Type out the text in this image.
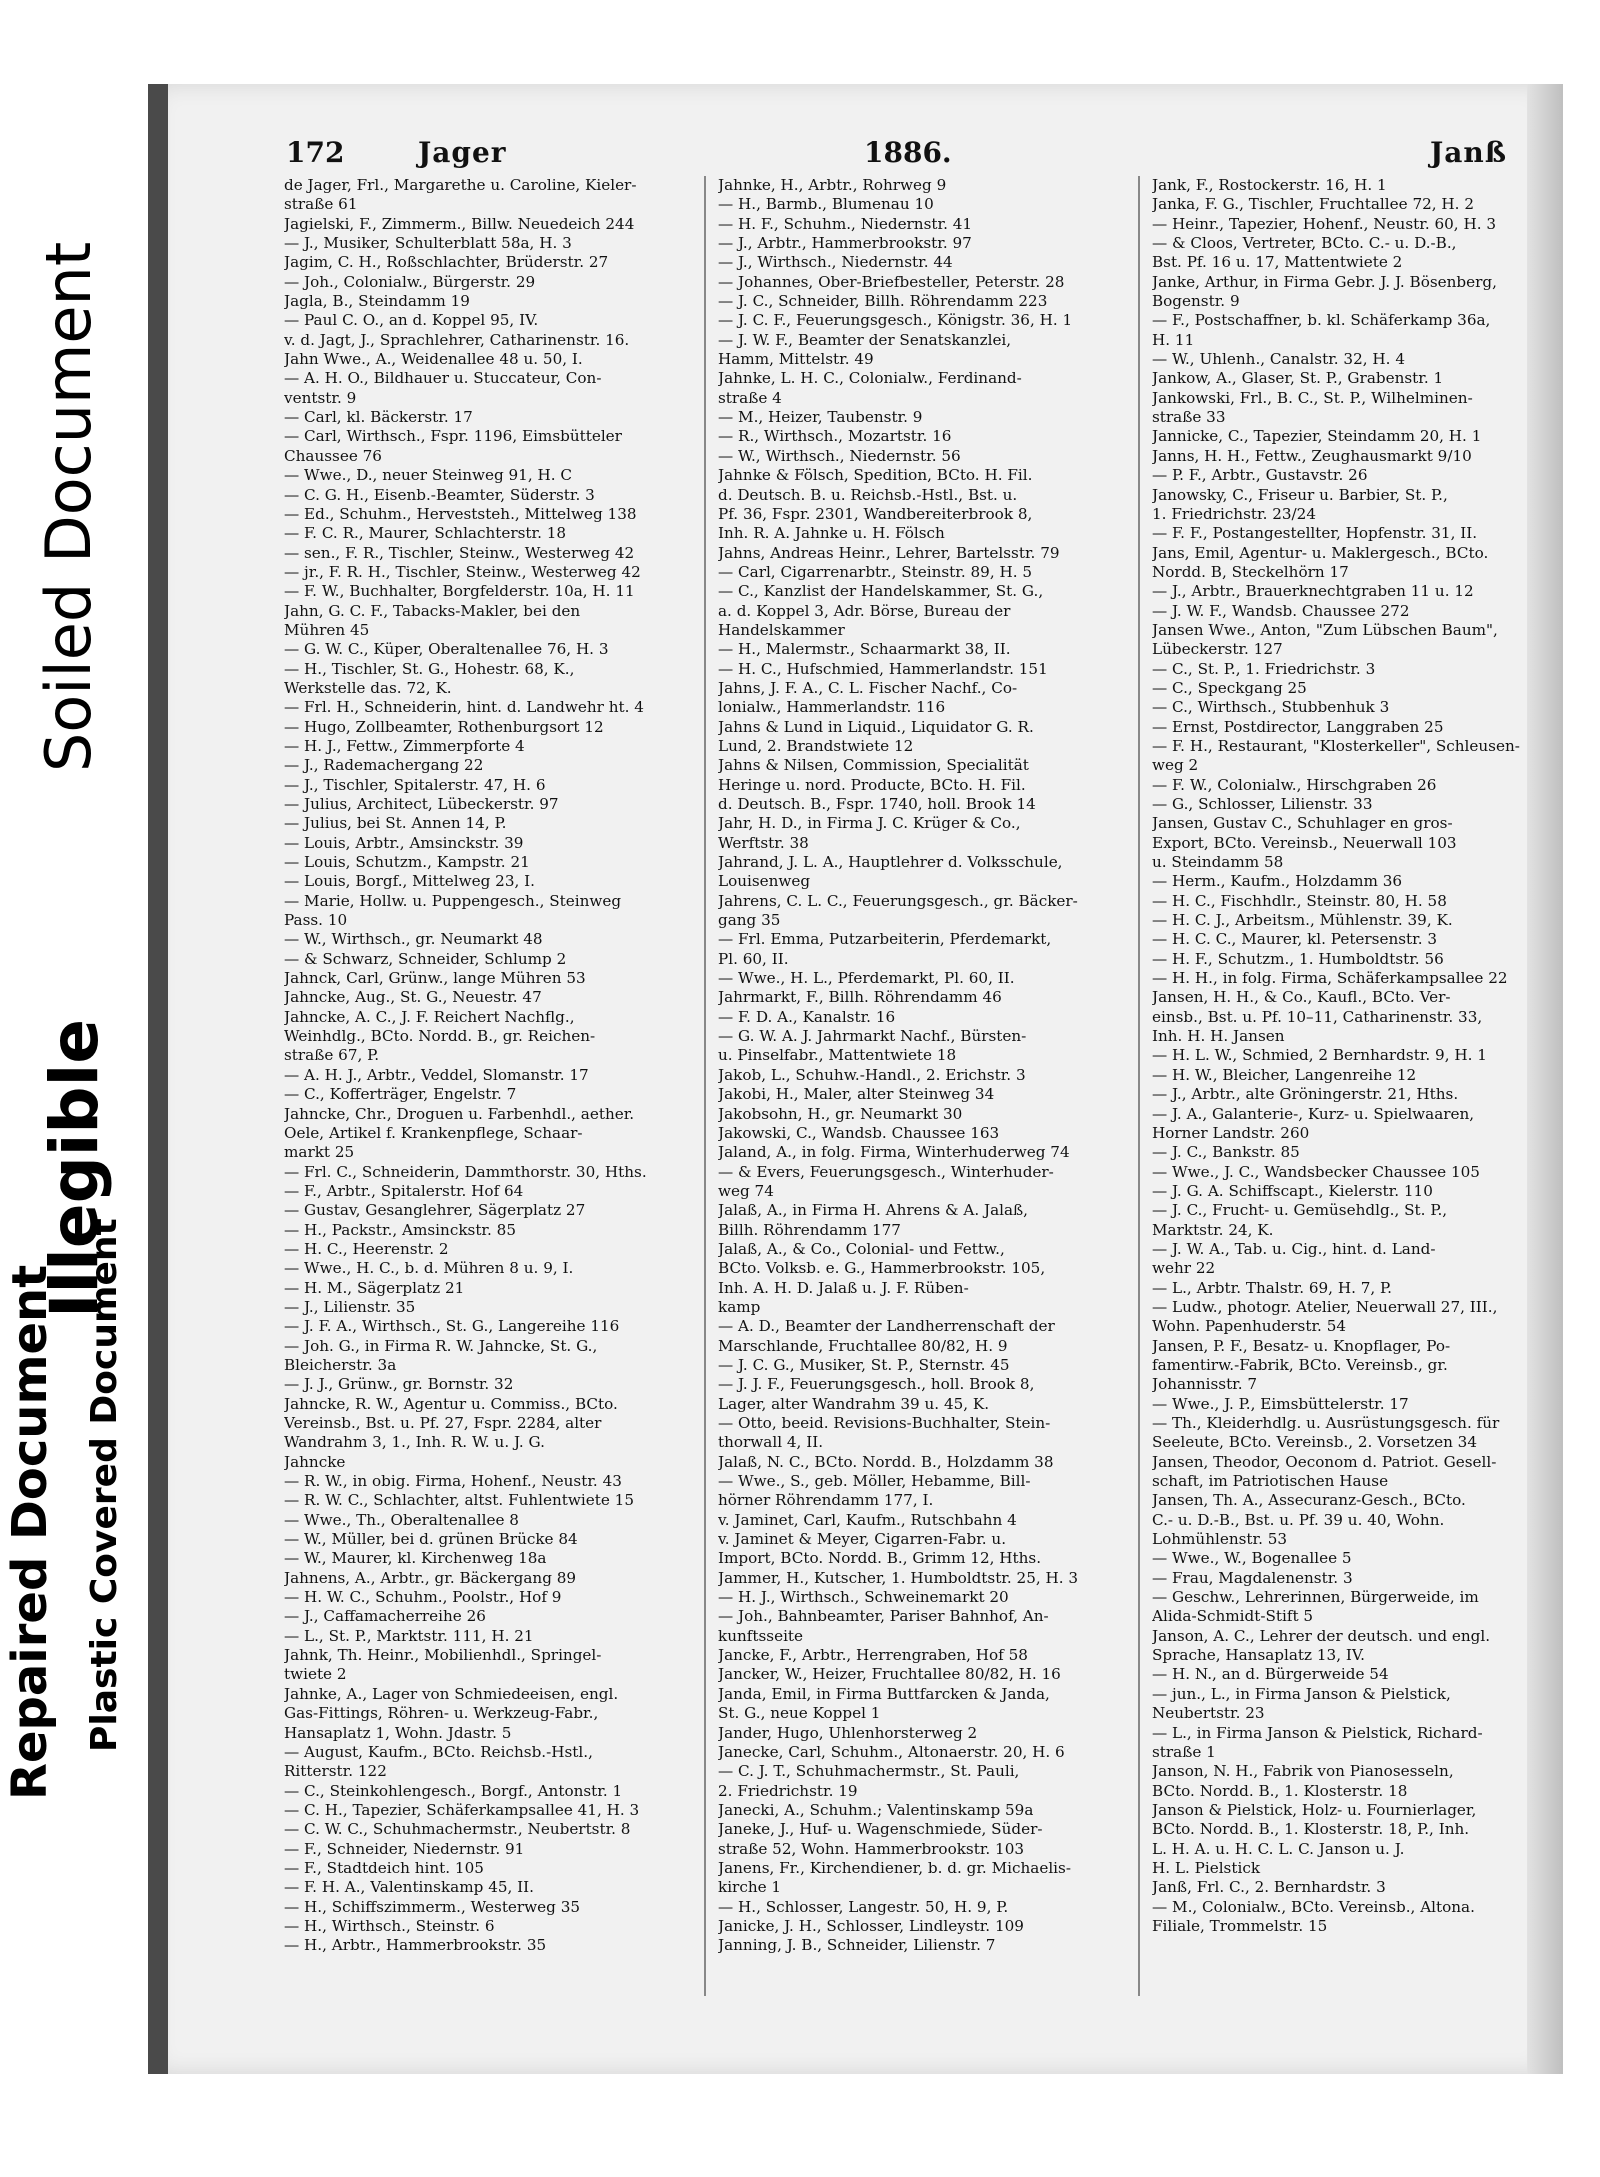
Soiled Document
Illegible
Repaired Document Plastic Covered Document
172	Jager	1886.	Janß
de Jager, Frl., Margarethe u. Caroline, Kieler-
straße 61
Jagielski, F., Zimmerm., Billw. Neuedeich 244
— J., Musiker, Schulterblatt 58a, H. 3
Jagim, C. H., Roßschlachter, Brüderstr. 27
— Joh., Colonialw., Bürgerstr. 29
Jagla, B., Steindamm 19
— Paul C. O., an d. Koppel 95, IV.
v. d. Jagt, J., Sprachlehrer, Catharinenstr. 16.
Jahn Wwe., A., Weidenallee 48 u. 50, I.
— A. H. O., Bildhauer u. Stuccateur, Con-
ventstr. 9
— Carl, kl. Bäckerstr. 17
— Carl, Wirthsch., Fspr. 1196, Eimsbütteler
Chaussee 76
— Wwe., D., neuer Steinweg 91, H. C
— C. G. H., Eisenb.-Beamter, Süderstr. 3
— Ed., Schuhm., Herveststeh., Mittelweg 138
— F. C. R., Maurer, Schlachterstr. 18
— sen., F. R., Tischler, Steinw., Westerweg 42
— jr., F. R. H., Tischler, Steinw., Westerweg 42
— F. W., Buchhalter, Borgfelderstr. 10a, H. 11
Jahn, G. C. F., Tabacks-Makler, bei den
Mühren 45
— G. W. C., Küper, Oberaltenallee 76, H. 3
— H., Tischler, St. G., Hohestr. 68, K.,
Werkstelle das. 72, K.
— Frl. H., Schneiderin, hint. d. Landwehr ht. 4
— Hugo, Zollbeamter, Rothenburgsort 12
— H. J., Fettw., Zimmerpforte 4
— J., Rademachergang 22
— J., Tischler, Spitalerstr. 47, H. 6
— Julius, Architect, Lübeckerstr. 97
— Julius, bei St. Annen 14, P.
— Louis, Arbtr., Amsinckstr. 39
— Louis, Schutzm., Kampstr. 21
— Louis, Borgf., Mittelweg 23, I.
— Marie, Hollw. u. Puppengesch., Steinweg
Pass. 10
— W., Wirthsch., gr. Neumarkt 48
— & Schwarz, Schneider, Schlump 2
Jahnck, Carl, Grünw., lange Mühren 53
Jahncke, Aug., St. G., Neuestr. 47
Jahncke, A. C., J. F. Reichert Nachflg.,
Weinhdlg., BCto. Nordd. B., gr. Reichen-
straße 67, P.
— A. H. J., Arbtr., Veddel, Slomanstr. 17
— C., Kofferträger, Engelstr. 7
Jahncke, Chr., Droguen u. Farbenhdl., aether.
Oele, Artikel f. Krankenpflege, Schaar-
markt 25
— Frl. C., Schneiderin, Dammthorstr. 30, Hths.
— F., Arbtr., Spitalerstr. Hof 64
— Gustav, Gesanglehrer, Sägerplatz 27
— H., Packstr., Amsinckstr. 85
— H. C., Heerenstr. 2
— Wwe., H. C., b. d. Mühren 8 u. 9, I.
— H. M., Sägerplatz 21
— J., Lilienstr. 35
— J. F. A., Wirthsch., St. G., Langereihe 116
— Joh. G., in Firma R. W. Jahncke, St. G.,
Bleicherstr. 3a
— J. J., Grünw., gr. Bornstr. 32
Jahncke, R. W., Agentur u. Commiss., BCto.
Vereinsb., Bst. u. Pf. 27, Fspr. 2284, alter
Wandrahm 3, 1., Inh. R. W. u. J. G.
Jahncke
— R. W., in obig. Firma, Hohenf., Neustr. 43
— R. W. C., Schlachter, altst. Fuhlentwiete 15
— Wwe., Th., Oberaltenallee 8
— W., Müller, bei d. grünen Brücke 84
— W., Maurer, kl. Kirchenweg 18a
Jahnens, A., Arbtr., gr. Bäckergang 89
— H. W. C., Schuhm., Poolstr., Hof 9
— J., Caffamacherreihe 26
— L., St. P., Marktstr. 111, H. 21
Jahnk, Th. Heinr., Mobilienhdl., Springel-
twiete 2
Jahnke, A., Lager von Schmiedeeisen, engl.
Gas-Fittings, Röhren- u. Werkzeug-Fabr.,
Hansaplatz 1, Wohn. Jdastr. 5
— August, Kaufm., BCto. Reichsb.-Hstl.,
Ritterstr. 122
— C., Steinkohlengesch., Borgf., Antonstr. 1
— C. H., Tapezier, Schäferkampsallee 41, H. 3
— C. W. C., Schuhmachermstr., Neubertstr. 8
— F., Schneider, Niedernstr. 91
— F., Stadtdeich hint. 105
— F. H. A., Valentinskamp 45, II.
— H., Schiffszimmerm., Westerweg 35
— H., Wirthsch., Steinstr. 6
— H., Arbtr., Hammerbrookstr. 35
Jahnke, H., Arbtr., Rohrweg 9
— H., Barmb., Blumenau 10
— H. F., Schuhm., Niedernstr. 41
— J., Arbtr., Hammerbrookstr. 97
— J., Wirthsch., Niedernstr. 44
— Johannes, Ober-Briefbesteller, Peterstr. 28
— J. C., Schneider, Billh. Röhrendamm 223
— J. C. F., Feuerungsgesch., Königstr. 36, H. 1
— J. W. F., Beamter der Senatskanzlei,
Hamm, Mittelstr. 49
Jahnke, L. H. C., Colonialw., Ferdinand-
straße 4
— M., Heizer, Taubenstr. 9
— R., Wirthsch., Mozartstr. 16
— W., Wirthsch., Niedernstr. 56
Jahnke & Fölsch, Spedition, BCto. H. Fil.
d. Deutsch. B. u. Reichsb.-Hstl., Bst. u.
Pf. 36, Fspr. 2301, Wandbereiterbrook 8,
Inh. R. A. Jahnke u. H. Fölsch
Jahns, Andreas Heinr., Lehrer, Bartelsstr. 79
— Carl, Cigarrenarbtr., Steinstr. 89, H. 5
— C., Kanzlist der Handelskammer, St. G.,
a. d. Koppel 3, Adr. Börse, Bureau der
Handelskammer
— H., Malermstr., Schaarmarkt 38, II.
— H. C., Hufschmied, Hammerlandstr. 151
Jahns, J. F. A., C. L. Fischer Nachf., Co-
lonialw., Hammerlandstr. 116
Jahns & Lund in Liquid., Liquidator G. R.
Lund, 2. Brandstwiete 12
Jahns & Nilsen, Commission, Specialität
Heringe u. nord. Producte, BCto. H. Fil.
d. Deutsch. B., Fspr. 1740, holl. Brook 14
Jahr, H. D., in Firma J. C. Krüger & Co.,
Werftstr. 38
Jahrand, J. L. A., Hauptlehrer d. Volksschule,
Louisenweg
Jahrens, C. L. C., Feuerungsgesch., gr. Bäcker-
gang 35
— Frl. Emma, Putzarbeiterin, Pferdemarkt,
Pl. 60, II.
— Wwe., H. L., Pferdemarkt, Pl. 60, II.
Jahrmarkt, F., Billh. Röhrendamm 46
— F. D. A., Kanalstr. 16
— G. W. A. J. Jahrmarkt Nachf., Bürsten-
u. Pinselfabr., Mattentwiete 18
Jakob, L., Schuhw.-Handl., 2. Erichstr. 3
Jakobi, H., Maler, alter Steinweg 34
Jakobsohn, H., gr. Neumarkt 30
Jakowski, C., Wandsb. Chaussee 163
Jaland, A., in folg. Firma, Winterhuderweg 74
— & Evers, Feuerungsgesch., Winterhuder-
weg 74
Jalaß, A., in Firma H. Ahrens & A. Jalaß,
Billh. Röhrendamm 177
Jalaß, A., & Co., Colonial- und Fettw.,
BCto. Volksb. e. G., Hammerbrookstr. 105,
Inh. A. H. D. Jalaß u. J. F. Rüben-
kamp
— A. D., Beamter der Landherrenschaft der
Marschlande, Fruchtallee 80/82, H. 9
— J. C. G., Musiker, St. P., Sternstr. 45
— J. J. F., Feuerungsgesch., holl. Brook 8,
Lager, alter Wandrahm 39 u. 45, K.
— Otto, beeid. Revisions-Buchhalter, Stein-
thorwall 4, II.
Jalaß, N. C., BCto. Nordd. B., Holzdamm 38
— Wwe., S., geb. Möller, Hebamme, Bill-
hörner Röhrendamm 177, I.
v. Jaminet, Carl, Kaufm., Rutschbahn 4
v. Jaminet & Meyer, Cigarren-Fabr. u.
Import, BCto. Nordd. B., Grimm 12, Hths.
Jammer, H., Kutscher, 1. Humboldtstr. 25, H. 3
— H. J., Wirthsch., Schweinemarkt 20
— Joh., Bahnbeamter, Pariser Bahnhof, An-
kunftsseite
Jancke, F., Arbtr., Herrengraben, Hof 58
Jancker, W., Heizer, Fruchtallee 80/82, H. 16
Janda, Emil, in Firma Buttfarcken & Janda,
St. G., neue Koppel 1
Jander, Hugo, Uhlenhorsterweg 2
Janecke, Carl, Schuhm., Altonaerstr. 20, H. 6
— C. J. T., Schuhmachermstr., St. Pauli,
2. Friedrichstr. 19
Janecki, A., Schuhm.; Valentinskamp 59a
Janeke, J., Huf- u. Wagenschmiede, Süder-
straße 52, Wohn. Hammerbrookstr. 103
Janens, Fr., Kirchendiener, b. d. gr. Michaelis-
kirche 1
— H., Schlosser, Langestr. 50, H. 9, P.
Janicke, J. H., Schlosser, Lindleystr. 109
Janning, J. B., Schneider, Lilienstr. 7
Jank, F., Rostockerstr. 16, H. 1
Janka, F. G., Tischler, Fruchtallee 72, H. 2
— Heinr., Tapezier, Hohenf., Neustr. 60, H. 3
— & Cloos, Vertreter, BCto. C.- u. D.-B.,
Bst. Pf. 16 u. 17, Mattentwiete 2
Janke, Arthur, in Firma Gebr. J. J. Bösenberg,
Bogenstr. 9
— F., Postschaffner, b. kl. Schäferkamp 36a,
H. 11
— W., Uhlenh., Canalstr. 32, H. 4
Jankow, A., Glaser, St. P., Grabenstr. 1
Jankowski, Frl., B. C., St. P., Wilhelminen-
straße 33
Jannicke, C., Tapezier, Steindamm 20, H. 1
Janns, H. H., Fettw., Zeughausmarkt 9/10
— P. F., Arbtr., Gustavstr. 26
Janowsky, C., Friseur u. Barbier, St. P.,
1. Friedrichstr. 23/24
— F. F., Postangestellter, Hopfenstr. 31, II.
Jans, Emil, Agentur- u. Maklergesch., BCto.
Nordd. B, Steckelhörn 17
— J., Arbtr., Brauerknechtgraben 11 u. 12
— J. W. F., Wandsb. Chaussee 272
Jansen Wwe., Anton, "Zum Lübschen Baum",
Lübeckerstr. 127
— C., St. P., 1. Friedrichstr. 3
— C., Speckgang 25
— C., Wirthsch., Stubbenhuk 3
— Ernst, Postdirector, Langgraben 25
— F. H., Restaurant, "Klosterkeller", Schleusen-
weg 2
— F. W., Colonialw., Hirschgraben 26
— G., Schlosser, Lilienstr. 33
Jansen, Gustav C., Schuhlager en gros-
Export, BCto. Vereinsb., Neuerwall 103
u. Steindamm 58
— Herm., Kaufm., Holzdamm 36
— H. C., Fischhdlr., Steinstr. 80, H. 58
— H. C. J., Arbeitsm., Mühlenstr. 39, K.
— H. C. C., Maurer, kl. Petersenstr. 3
— H. F., Schutzm., 1. Humboldtstr. 56
— H. H., in folg. Firma, Schäferkampsallee 22
Jansen, H. H., & Co., Kaufl., BCto. Ver-
einsb., Bst. u. Pf. 10–11, Catharinenstr. 33,
Inh. H. H. Jansen
— H. L. W., Schmied, 2 Bernhardstr. 9, H. 1
— H. W., Bleicher, Langenreihe 12
— J., Arbtr., alte Gröningerstr. 21, Hths.
— J. A., Galanterie-, Kurz- u. Spielwaaren,
Horner Landstr. 260
— J. C., Bankstr. 85
— Wwe., J. C., Wandsbecker Chaussee 105
— J. G. A. Schiffscapt., Kielerstr. 110
— J. C., Frucht- u. Gemüsehdlg., St. P.,
Marktstr. 24, K.
— J. W. A., Tab. u. Cig., hint. d. Land-
wehr 22
— L., Arbtr. Thalstr. 69, H. 7, P.
— Ludw., photogr. Atelier, Neuerwall 27, III.,
Wohn. Papenhuderstr. 54
Jansen, P. F., Besatz- u. Knopflager, Po-
famentirw.-Fabrik, BCto. Vereinsb., gr.
Johannisstr. 7
— Wwe., J. P., Eimsbüttelerstr. 17
— Th., Kleiderhdlg. u. Ausrüstungsgesch. für
Seeleute, BCto. Vereinsb., 2. Vorsetzen 34
Jansen, Theodor, Oeconom d. Patriot. Gesell-
schaft, im Patriotischen Hause
Jansen, Th. A., Assecuranz-Gesch., BCto.
C.- u. D.-B., Bst. u. Pf. 39 u. 40, Wohn.
Lohmühlenstr. 53
— Wwe., W., Bogenallee 5
— Frau, Magdalenenstr. 3
— Geschw., Lehrerinnen, Bürgerweide, im
Alida-Schmidt-Stift 5
Janson, A. C., Lehrer der deutsch. und engl.
Sprache, Hansaplatz 13, IV.
— H. N., an d. Bürgerweide 54
— jun., L., in Firma Janson & Pielstick,
Neubertstr. 23
— L., in Firma Janson & Pielstick, Richard-
straße 1
Janson, N. H., Fabrik von Pianosesseln,
BCto. Nordd. B., 1. Klosterstr. 18
Janson & Pielstick, Holz- u. Fournierlager,
BCto. Nordd. B., 1. Klosterstr. 18, P., Inh.
L. H. A. u. H. C. L. C. Janson u. J.
H. L. Pielstick
Janß, Frl. C., 2. Bernhardstr. 3
— M., Colonialw., BCto. Vereinsb., Altona.
Filiale, Trommelstr. 15
